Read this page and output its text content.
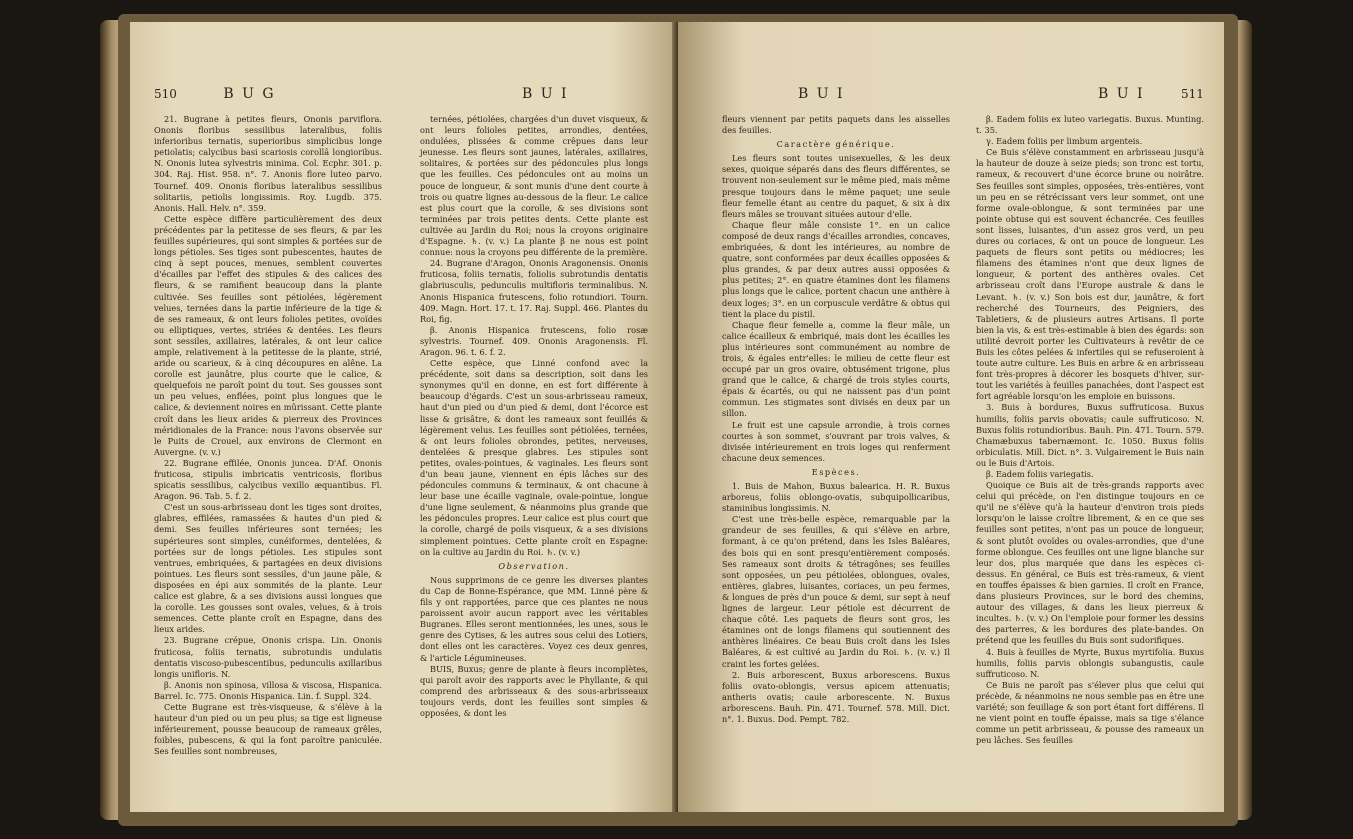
510	B U G	B U I

21. Bugrane à petites fleurs, Ononis parviflora. Ononis floribus sessilibus lateralibus, foliis inferioribus ternatis, superioribus simplicibus longe petiolatis; calycibus basi scariosis corollâ longioribus. N. Ononis lutea sylvestris minima. Col. Ecphr. 301. p. 304. Raj. Hist. 958. n°. 7. Anonis flore luteo parvo. Tournef. 409. Ononis floribus lateralibus sessilibus solitariis, petiolis longissimis. Roy. Lugdb. 375. Anonis. Hall. Helv. n°. 359.

Cette espèce diffère particulièrement des deux précédentes par la petitesse de ses fleurs, & par les feuilles supérieures, qui sont simples & portées sur de longs pétioles. Ses tiges sont pubescentes, hautes de cinq à sept pouces, menues, semblent couvertes d'écailles par l'effet des stipules & des calices des fleurs, & se ramifient beaucoup dans la plante cultivée. Ses feuilles sont pétiolées, légèrement velues, ternées dans la partie inférieure de la tige & de ses rameaux, & ont leurs folioles petites, ovoïdes ou elliptiques, vertes, striées & dentées. Les fleurs sont sessiles, axillaires, latérales, & ont leur calice ample, relativement à la petitesse de la plante, strié, aride ou scarieux, & à cinq découpures en alêne. La corolle est jaunâtre, plus courte que le calice, & quelquefois ne paroît point du tout. Ses gousses sont un peu velues, enflées, point plus longues que le calice, & deviennent noires en mûrissant. Cette plante croît dans les lieux arides & pierreux des Provinces méridionales de la France: nous l'avons observée sur le Puits de Crouel, aux environs de Clermont en Auvergne. (v. v.)

22. Bugrane effilée, Ononis juncea. D'Af. Ononis fruticosa, stipulis imbricatis ventricosis, floribus spicatis sessilibus, calycibus vexillo æquantibus. Fl. Aragon. 96. Tab. 5. f. 2.

C'est un sous-arbrisseau dont les tiges sont droites, glabres, effilées, ramassées & hautes d'un pied & demi. Ses feuilles inférieures sont ternées; les supérieures sont simples, cunéiformes, dentelées, & portées sur de longs pétioles. Les stipules sont ventrues, embriquées, & partagées en deux divisions pointues. Les fleurs sont sessiles, d'un jaune pâle, & disposées en épi aux sommités de la plante. Leur calice est glabre, & a ses divisions aussi longues que la corolle. Les gousses sont ovales, velues, & à trois semences. Cette plante croît en Espagne, dans des lieux arides.

23. Bugrane crépue, Ononis crispa. Lin. Ononis fruticosa, foliis ternatis, subrotundis undulatis dentatis viscoso-pubescentibus, pedunculis axillaribus longis unifloris. N.

β. Anonis non spinosa, villosa & viscosa, Hispanica. Barrel. Ic. 775. Ononis Hispanica. Lin. f. Suppl. 324.

Cette Bugrane est très-visqueuse, & s'élève à la hauteur d'un pied ou un peu plus; sa tige est ligneuse inférieurement, pousse beaucoup de rameaux grêles, foibles, pubescens, & qui la font paroître paniculée. Ses feuilles sont nombreuses,

ternées, pétiolées, chargées d'un duvet visqueux, & ont leurs folioles petites, arrondies, dentées, ondulées, plissées & comme crêpues dans leur jeunesse. Les fleurs sont jaunes, latérales, axillaires, solitaires, & portées sur des pédoncules plus longs que les feuilles. Ces pédoncules ont au moins un pouce de longueur, & sont munis d'une dent courte à trois ou quatre lignes au-dessous de la fleur. Le calice est plus court que la corolle, & ses divisions sont terminées par trois petites dents. Cette plante est cultivée au Jardin du Roi; nous la croyons originaire d'Espagne. ♄. (v. v.) La plante β ne nous est point connue: nous la croyons peu différente de la première.

24. Bugrane d'Aragon, Ononis Aragonensis. Ononis fruticosa, foliis ternatis, foliolis subrotundis dentatis glabriusculis, pedunculis multifloris terminalibus. N. Anonis Hispanica frutescens, folio rotundiori. Tourn. 409. Magn. Hort. 17. t. 17. Raj. Suppl. 466. Plantes du Roi, fig.

β. Anonis Hispanica frutescens, folio rosæ sylvestris. Tournef. 409. Ononis Aragonensis. Fl. Aragon. 96. t. 6. f. 2.

Cette espèce, que Linné confond avec la précédente, soit dans sa description, soit dans les synonymes qu'il en donne, en est fort différente à beaucoup d'égards. C'est un sous-arbrisseau rameux, haut d'un pied ou d'un pied & demi, dont l'écorce est lisse & grisâtre, & dont les rameaux sont feuillés & légèrement velus. Les feuilles sont pétiolées, ternées, & ont leurs folioles obrondes, petites, nerveuses, dentelées & presque glabres. Les stipules sont petites, ovales-pointues, & vaginales. Les fleurs sont d'un beau jaune, viennent en épis lâches sur des pédoncules communs & terminaux, & ont chacune à leur base une écaille vaginale, ovale-pointue, longue d'une ligne seulement, & néanmoins plus grande que les pédoncules propres. Leur calice est plus court que la corolle, chargé de poils visqueux, & a ses divisions simplement pointues. Cette plante croît en Espagne: on la cultive au Jardin du Roi. ♄. (v. v.)

Observation.

Nous supprimons de ce genre les diverses plantes du Cap de Bonne-Espérance, que MM. Linné père & fils y ont rapportées, parce que ces plantes ne nous paroissent avoir aucun rapport avec les véritables Bugranes. Elles seront mentionnées, les unes, sous le genre des Cytises, & les autres sous celui des Lotiers, dont elles ont les caractères. Voyez ces deux genres, & l'article Légumineuses.

BUIS, Buxus; genre de plante à fleurs incomplètes, qui paroît avoir des rapports avec le Phyllante, & qui comprend des arbrisseaux & des sous-arbrisseaux toujours verds, dont les feuilles sont simples & opposées, & dont les

B U I	B U I	511

fleurs viennent par petits paquets dans les aisselles des feuilles.

Caractère générique.

Les fleurs sont toutes unisexuelles, & les deux sexes, quoique séparés dans des fleurs différentes, se trouvent non-seulement sur le même pied, mais même presque toujours dans le même paquet; une seule fleur femelle étant au centre du paquet, & six à dix fleurs mâles se trouvant situées autour d'elle.

Chaque fleur mâle consiste 1°. en un calice composé de deux rangs d'écailles arrondies, concaves, embriquées, & dont les intérieures, au nombre de quatre, sont conformées par deux écailles opposées & plus grandes, & par deux autres aussi opposées & plus petites; 2°. en quatre étamines dont les filamens plus longs que le calice, portent chacun une anthère à deux loges; 3°. en un corpuscule verdâtre & obtus qui tient la place du pistil.

Chaque fleur femelle a, comme la fleur mâle, un calice écailleux & embriqué, mais dont les écailles les plus intérieures sont communément au nombre de trois, & égales entr'elles: le milieu de cette fleur est occupé par un gros ovaire, obtusément trigone, plus grand que le calice, & chargé de trois styles courts, épais & écartés, ou qui ne naissent pas d'un point commun. Les stigmates sont divisés en deux par un sillon.

Le fruit est une capsule arrondie, à trois cornes courtes à son sommet, s'ouvrant par trois valves, & divisée intérieurement en trois loges qui renferment chacune deux semences.

Espèces.

1. Buis de Mahon, Buxus balearica. H. R. Buxus arboreus, foliis oblongo-ovatis, subquipollicaribus, staminibus longissimis. N.

C'est une très-belle espèce, remarquable par la grandeur de ses feuilles, & qui s'élève en arbre, formant, à ce qu'on prétend, dans les Isles Baléares, des bois qui en sont presqu'entièrement composés. Ses rameaux sont droits & tétragônes; ses feuilles sont opposées, un peu pétiolées, oblongues, ovales, entières, glabres, luisantes, coriaces, un peu fermes, & longues de près d'un pouce & demi, sur sept à neuf lignes de largeur. Leur pétiole est décurrent de chaque côté. Les paquets de fleurs sont gros, les étamines ont de longs filamens qui soutiennent des anthères linéaires. Ce beau Buis croît dans les Isles Baléares, & est cultivé au Jardin du Roi. ♄. (v. v.) Il craint les fortes gelées.

2. Buis arborescent, Buxus arborescens. Buxus foliis ovato-oblongis, versus apicem attenuatis; antheris ovatis; caule arborescente. N. Buxus arborescens. Bauh. Pin. 471. Tournef. 578. Mill. Dict. n°. 1. Buxus. Dod. Pempt. 782.

β. Eadem foliis ex luteo variegatis. Buxus. Munting. t. 35.

γ. Eadem foliis per limbum argenteis.

Ce Buis s'élève constamment en arbrisseau jusqu'à la hauteur de douze à seize pieds; son tronc est tortu, rameux, & recouvert d'une écorce brune ou noirâtre. Ses feuilles sont simples, opposées, très-entières, vont un peu en se rétrécissant vers leur sommet, ont une forme ovale-oblongue, & sont terminées par une pointe obtuse qui est souvent échancrée. Ces feuilles sont lisses, luisantes, d'un assez gros verd, un peu dures ou coriaces, & ont un pouce de longueur. Les paquets de fleurs sont petits ou médiocres; les filamens des étamines n'ont que deux lignes de longueur, & portent des anthères ovales. Cet arbrisseau croît dans l'Europe australe & dans le Levant. ♄. (v. v.) Son bois est dur, jaunâtre, & fort recherché des Tourneurs, des Peigniers, des Tabletiers, & de plusieurs autres Artisans. Il porte bien la vis, & est très-estimable à bien des égards: son utilité devroit porter les Cultivateurs à revêtir de ce Buis les côtes pelées & infertiles qui se refuseroient à toute autre culture. Les Buis en arbre & en arbrisseau font très-propres à décorer les bosquets d'hiver, sur-tout les variétés à feuilles panachées, dont l'aspect est fort agréable lorsqu'on les emploie en buissons.

3. Buis à bordures, Buxus suffruticosa. Buxus humilis, foliis parvis obovatis; caule suffruticoso. N. Buxus foliis rotundioribus. Bauh. Pin. 471. Tourn. 579. Chamæbuxus tabernæmont. Ic. 1050. Buxus foliis orbiculatis. Mill. Dict. n°. 3. Vulgairement le Buis nain ou le Buis d'Artois.

β. Eadem foliis variegatis.

Quoique ce Buis ait de très-grands rapports avec celui qui précède, on l'en distingue toujours en ce qu'il ne s'élève qu'à la hauteur d'environ trois pieds lorsqu'on le laisse croître librement, & en ce que ses feuilles sont petites, n'ont pas un pouce de longueur, & sont plutôt ovoïdes ou ovales-arrondies, que d'une forme oblongue. Ces feuilles ont une ligne blanche sur leur dos, plus marquée que dans les espèces ci-dessus. En général, ce Buis est très-rameux, & vient en touffes épaisses & bien garnies. Il croît en France, dans plusieurs Provinces, sur le bord des chemins, autour des villages, & dans les lieux pierreux & incultes. ♄. (v. v.) On l'emploie pour former les dessins des parterres, & les bordures des plate-bandes. On prétend que les feuilles du Buis sont sudorifiques.

4. Buis à feuilles de Myrte, Buxus myrtifolia. Buxus humilis, foliis parvis oblongis subangustis, caule suffruticoso. N.

Ce Buis ne paroît pas s'élever plus que celui qui précède, & néanmoins ne nous semble pas en être une variété; son feuillage & son port étant fort différens. Il ne vient point en touffe épaisse, mais sa tige s'élance comme un petit arbrisseau, & pousse des rameaux un peu lâches. Ses feuilles
